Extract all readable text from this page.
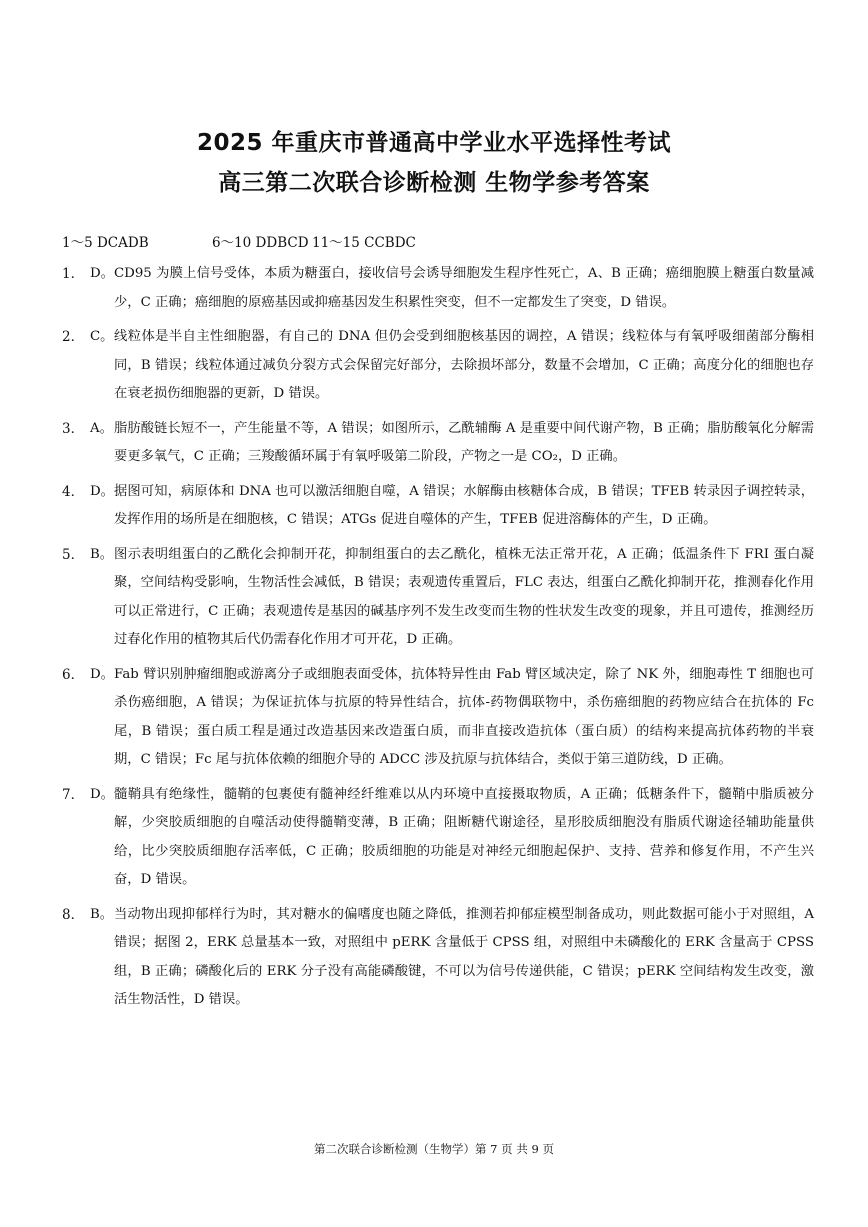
2025 年重庆市普通高中学业水平选择性考试

高三第二次联合诊断检测 生物学参考答案

1～5 DCADB	6～10 DDBCD 11～15 CCBDC
1． D。 CD95 为膜上信号受体，本质为糖蛋白，接收信号会诱导细胞发生程序性死亡，A、B 正确；癌细胞膜上糖蛋白数量减少，C 正确；癌细胞的原癌基因或抑癌基因发生积累性突变，但不一定都发生了突变，D 错误。
2． C。 线粒体是半自主性细胞器，有自己的 DNA 但仍会受到细胞核基因的调控，A 错误；线粒体与有氧呼吸细菌部分酶相同，B 错误；线粒体通过减负分裂方式会保留完好部分，去除损坏部分，数量不会增加，C 正确；高度分化的细胞也存在衰老损伤细胞器的更新，D 错误。
3． A。 脂肪酸链长短不一，产生能量不等，A 错误；如图所示，乙酰辅酶 A 是重要中间代谢产物，B 正确；脂肪酸氧化分解需要更多氧气，C 正确；三羧酸循环属于有氧呼吸第二阶段，产物之一是 CO₂，D 正确。
4． D。 据图可知，病原体和 DNA 也可以激活细胞自噬，A 错误；水解酶由核糖体合成，B 错误；TFEB 转录因子调控转录，发挥作用的场所是在细胞核，C 错误；ATGs 促进自噬体的产生，TFEB 促进溶酶体的产生，D 正确。
5． B。 图示表明组蛋白的乙酰化会抑制开花，抑制组蛋白的去乙酰化，植株无法正常开花，A 正确；低温条件下 FRI 蛋白凝聚，空间结构受影响，生物活性会减低，B 错误；表观遗传重置后，FLC 表达，组蛋白乙酰化抑制开花，推测春化作用可以正常进行，C 正确；表观遗传是基因的碱基序列不发生改变而生物的性状发生改变的现象，并且可遗传，推测经历过春化作用的植物其后代仍需春化作用才可开花，D 正确。
6． D。 Fab 臂识别肿瘤细胞或游离分子或细胞表面受体，抗体特异性由 Fab 臂区域决定，除了 NK 外，细胞毒性 T 细胞也可杀伤癌细胞，A 错误；为保证抗体与抗原的特异性结合，抗体-药物偶联物中，杀伤癌细胞的药物应结合在抗体的 Fc 尾，B 错误；蛋白质工程是通过改造基因来改造蛋白质，而非直接改造抗体（蛋白质）的结构来提高抗体药物的半衰期，C 错误；Fc 尾与抗体依赖的细胞介导的 ADCC 涉及抗原与抗体结合，类似于第三道防线，D 正确。
7． D。 髓鞘具有绝缘性，髓鞘的包裹使有髓神经纤维难以从内环境中直接摄取物质，A 正确；低糖条件下，髓鞘中脂质被分解，少突胶质细胞的自噬活动使得髓鞘变薄，B 正确；阻断糖代谢途径，星形胶质细胞没有脂质代谢途径辅助能量供给，比少突胶质细胞存活率低，C 正确；胶质细胞的功能是对神经元细胞起保护、支持、营养和修复作用，不产生兴奋，D 错误。
8． B。 当动物出现抑郁样行为时，其对糖水的偏嗜度也随之降低，推测若抑郁症模型制备成功，则此数据可能小于对照组，A 错误；据图 2，ERK 总量基本一致，对照组中 pERK 含量低于 CPSS 组，对照组中未磷酸化的 ERK 含量高于 CPSS 组，B 正确；磷酸化后的 ERK 分子没有高能磷酸键，不可以为信号传递供能，C 错误；pERK 空间结构发生改变，激活生物活性，D 错误。
第二次联合诊断检测（生物学）第 7 页 共 9 页
